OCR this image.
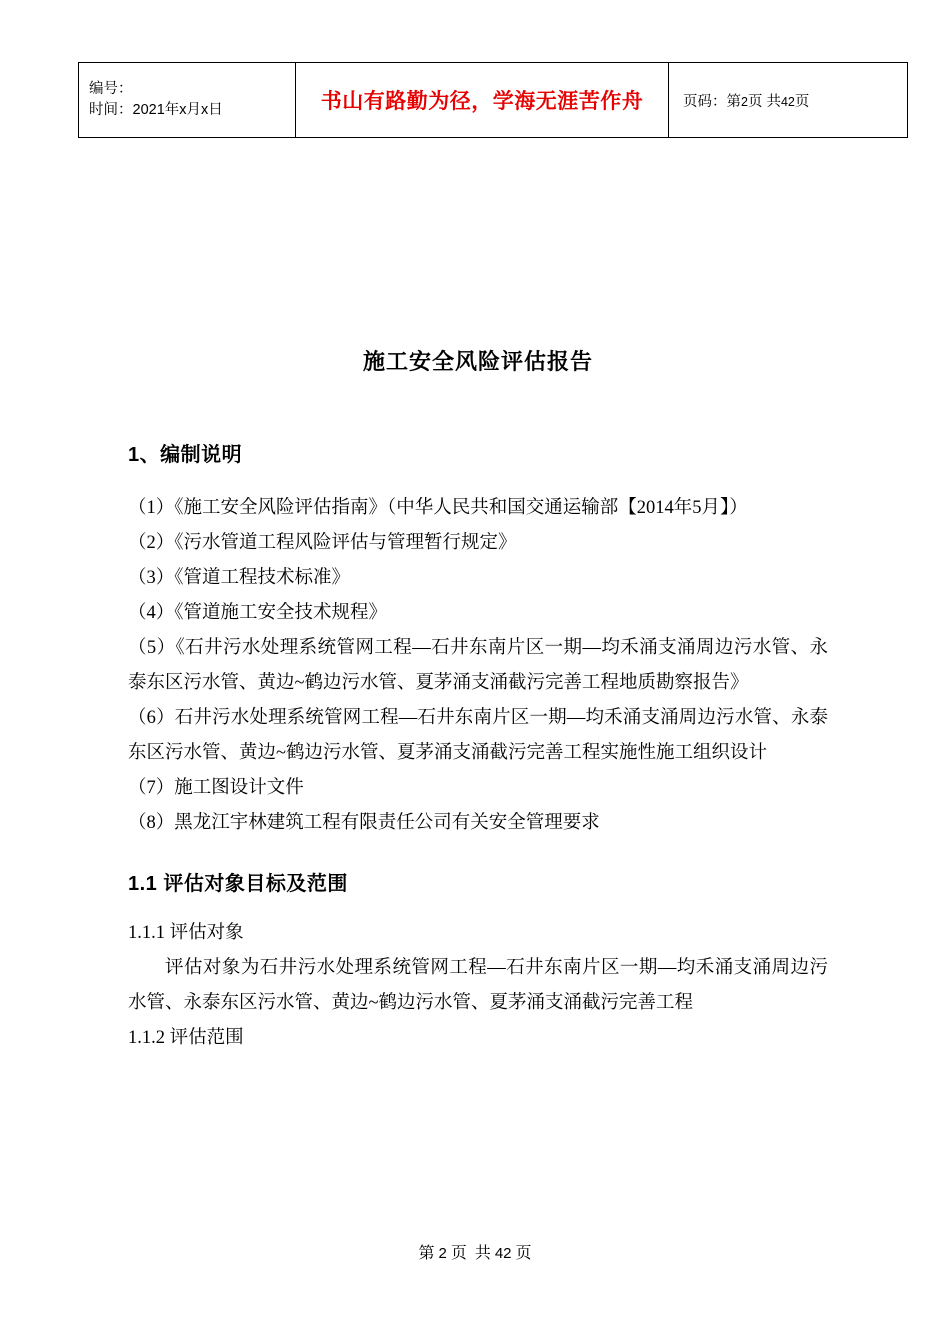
编号：
时间：2021年x月x日	书山有路勤为径，学海无涯苦作舟	页码：第2页 共42页
施工安全风险评估报告
1、编制说明

（1）《施工安全风险评估指南》（中华人民共和国交通运输部【2014年5月】）

（2）《污水管道工程风险评估与管理暂行规定》

（3）《管道工程技术标准》

（4）《管道施工安全技术规程》

（5）《石井污水处理系统管网工程—石井东南片区一期—均禾涌支涌周边污水管、永泰东区污水管、黄边~鹤边污水管、夏茅涌支涌截污完善工程地质勘察报告》

（6）石井污水处理系统管网工程—石井东南片区一期—均禾涌支涌周边污水管、永泰东区污水管、黄边~鹤边污水管、夏茅涌支涌截污完善工程实施性施工组织设计

（7）施工图设计文件

（8）黑龙江宇林建筑工程有限责任公司有关安全管理要求

1.1 评估对象目标及范围

1.1.1 评估对象

评估对象为石井污水处理系统管网工程—石井东南片区一期—均禾涌支涌周边污水管、永泰东区污水管、黄边~鹤边污水管、夏茅涌支涌截污完善工程

1.1.2 评估范围

第 2 页 共 42 页
